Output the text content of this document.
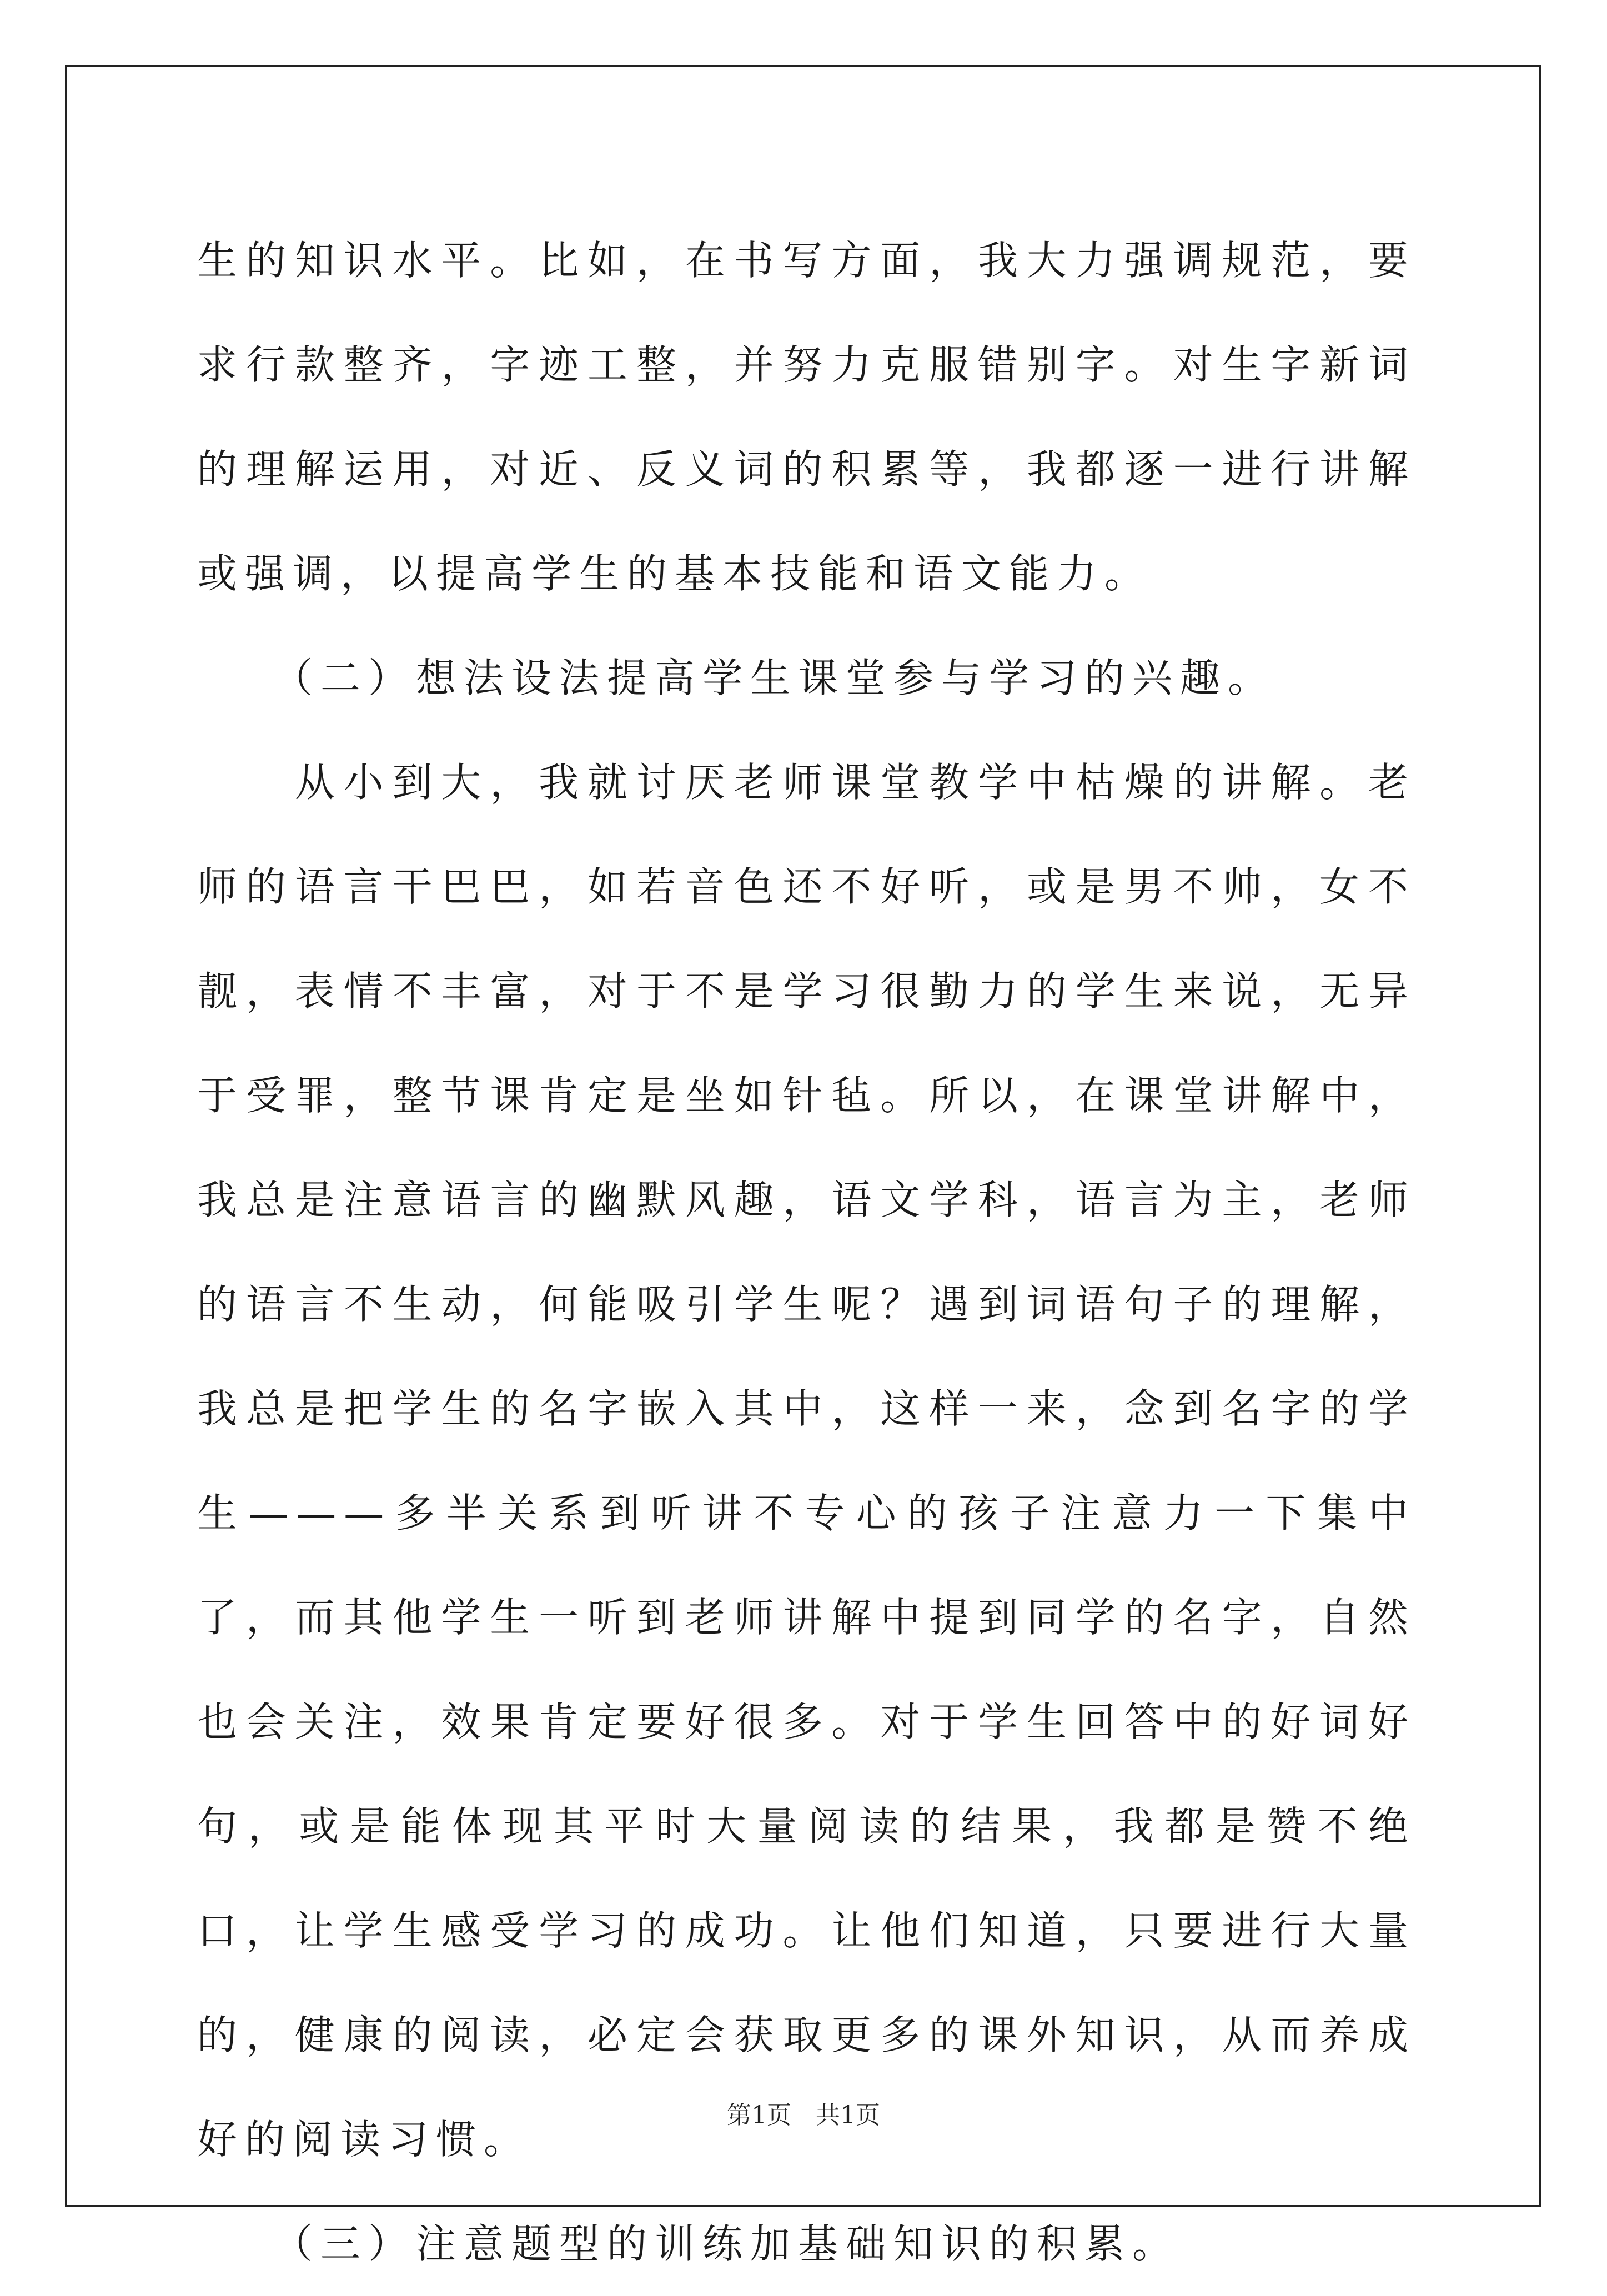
生的知识水平。比如，在书写方面，我大力强调规范，要求行款整齐，字迹工整，并努力克服错别字。对生字新词的理解运用，对近、反义词的积累等，我都逐一进行讲解或强调，以提高学生的基本技能和语文能力。

　　（二）想法设法提高学生课堂参与学习的兴趣。

　　从小到大，我就讨厌老师课堂教学中枯燥的讲解。老师的语言干巴巴，如若音色还不好听，或是男不帅，女不靓，表情不丰富，对于不是学习很勤力的学生来说，无异于受罪，整节课肯定是坐如针毡。所以，在课堂讲解中，我总是注意语言的幽默风趣，语文学科，语言为主，老师的语言不生动，何能吸引学生呢？遇到词语句子的理解，我总是把学生的名字嵌入其中，这样一来，念到名字的学生———多半关系到听讲不专心的孩子注意力一下集中了，而其他学生一听到老师讲解中提到同学的名字，自然也会关注，效果肯定要好很多。对于学生回答中的好词好句，或是能体现其平时大量阅读的结果，我都是赞不绝口，让学生感受学习的成功。让他们知道，只要进行大量的，健康的阅读，必定会获取更多的课外知识，从而养成好的阅读习惯。

　　（三）注意题型的训练加基础知识的积累。

第1页　共1页
